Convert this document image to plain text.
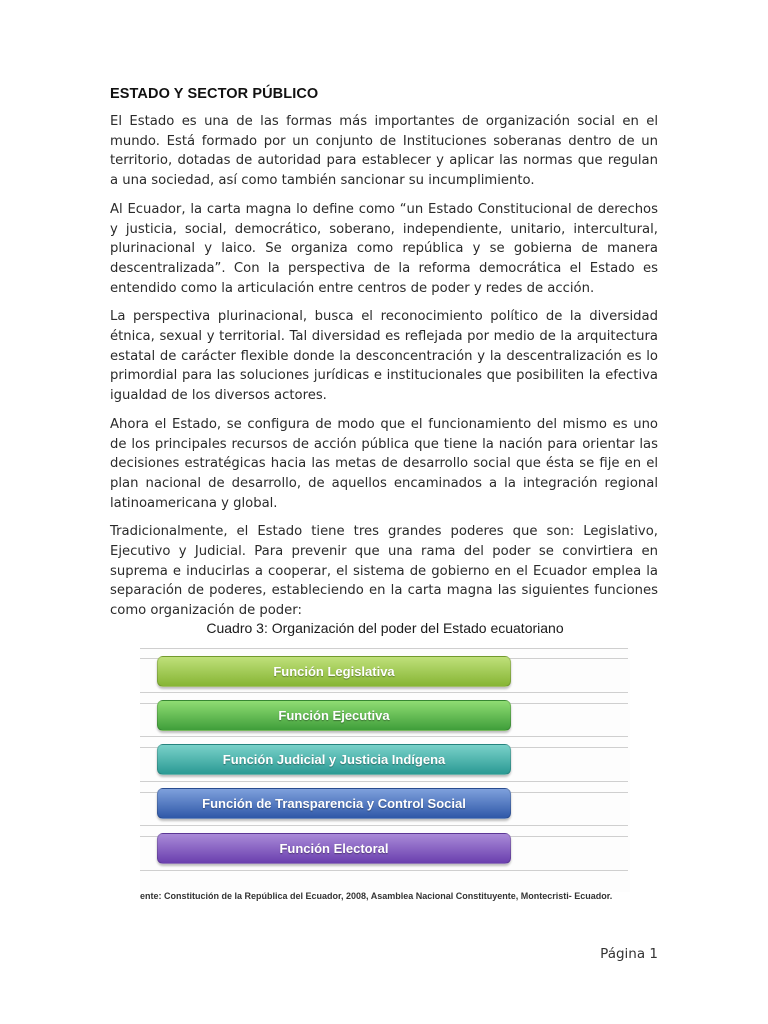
ESTADO Y SECTOR PÚBLICO

El Estado es una de las formas más importantes de organización social en el mundo. Está formado por un conjunto de Instituciones soberanas dentro de un territorio, dotadas de autoridad para establecer y aplicar las normas que regulan a una sociedad, así como también sancionar su incumplimiento.

Al Ecuador, la carta magna lo define como “un Estado Constitucional de derechos y justicia, social, democrático, soberano, independiente, unitario, intercultural, plurinacional y laico. Se organiza como república y se gobierna de manera descentralizada”. Con la perspectiva de la reforma democrática el Estado es entendido como la articulación entre centros de poder y redes de acción.

La perspectiva plurinacional, busca el reconocimiento político de la diversidad étnica, sexual y territorial. Tal diversidad es reflejada por medio de la arquitectura estatal de carácter flexible donde la desconcentración y la descentralización es lo primordial para las soluciones jurídicas e institucionales que posibiliten la efectiva igualdad de los diversos actores.

Ahora el Estado, se configura de modo que el funcionamiento del mismo es uno de los principales recursos de acción pública que tiene la nación para orientar las decisiones estratégicas hacia las metas de desarrollo social que ésta se fije en el plan nacional de desarrollo, de aquellos encaminados a la integración regional latinoamericana y global.

Tradicionalmente, el Estado tiene tres grandes poderes que son: Legislativo, Ejecutivo y Judicial. Para prevenir que una rama del poder se convirtiera en suprema e inducirlas a cooperar, el sistema de gobierno en el Ecuador emplea la separación de poderes, estableciendo en la carta magna las siguientes funciones como organización de poder:

Cuadro 3: Organización del poder del Estado ecuatoriano
Función Legislativa
Función Ejecutiva
Función Judicial y Justicia Indígena
Función de Transparencia y Control Social
Función Electoral
ente: Constitución de la República del Ecuador, 2008, Asamblea Nacional Constituyente, Montecristi- Ecuador.
Página 1
